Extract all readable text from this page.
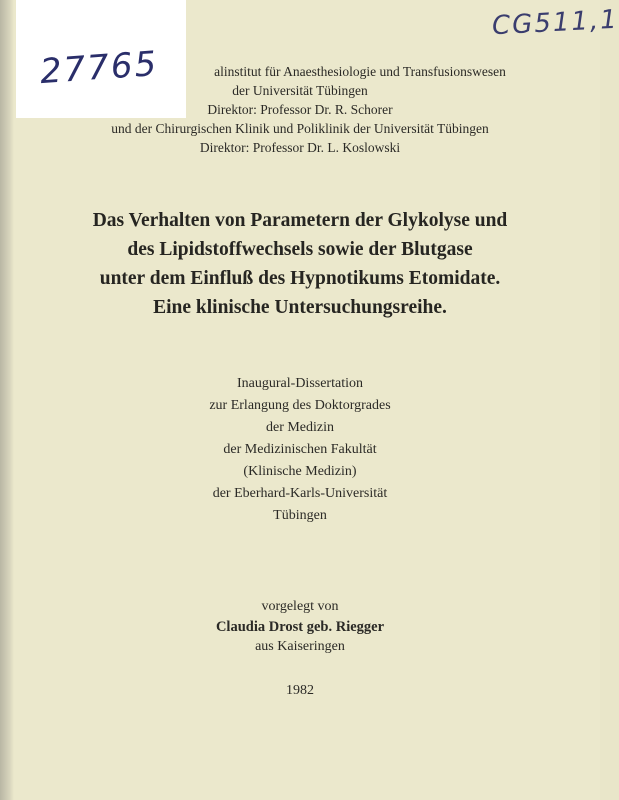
27765
CG511,1
alinstitut für Anaesthesiologie und Transfusionswesen
der Universität Tübingen
Direktor: Professor Dr. R. Schorer
und der Chirurgischen Klinik und Poliklinik der Universität Tübingen
Direktor: Professor Dr. L. Koslowski
Das Verhalten von Parametern der Glykolyse und
des Lipidstoffwechsels sowie der Blutgase
unter dem Einfluß des Hypnotikums Etomidate.
Eine klinische Untersuchungsreihe.
Inaugural-Dissertation
zur Erlangung des Doktorgrades
der Medizin
der Medizinischen Fakultät
(Klinische Medizin)
der Eberhard-Karls-Universität
Tübingen
vorgelegt von
Claudia Drost geb. Riegger
aus Kaiseringen
1982
